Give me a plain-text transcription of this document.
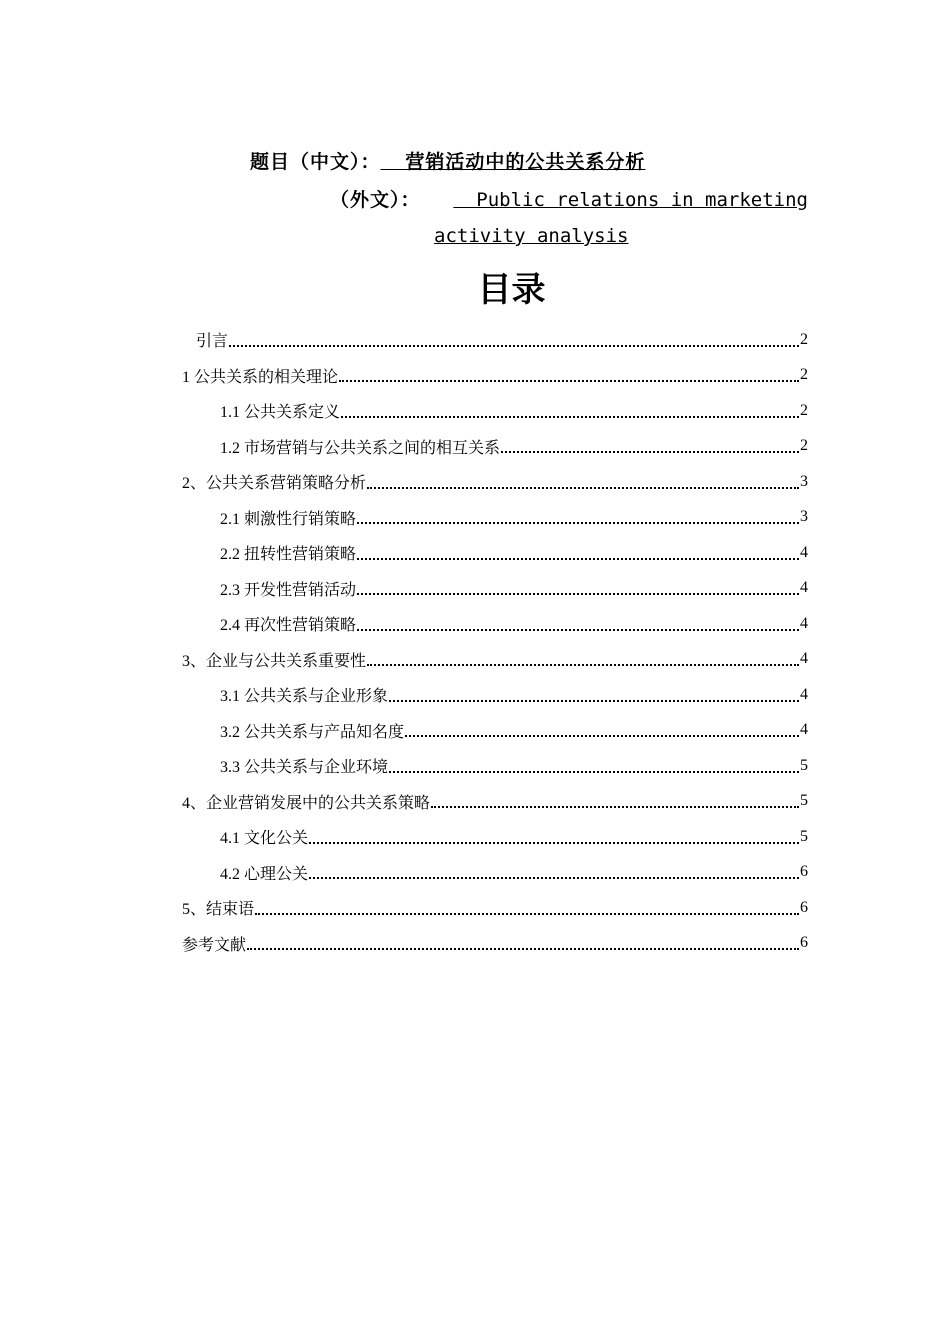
题目（中文）：  营销活动中的公共关系分析
（外文）：	Public relations in marketing
activity analysis
目录
引言	2
1 公共关系的相关理论	2
1.1 公共关系定义	2
1.2 市场营销与公共关系之间的相互关系	2
2、公共关系营销策略分析	3
2.1 刺激性行销策略	3
2.2 扭转性营销策略	4
2.3 开发性营销活动	4
2.4 再次性营销策略	4
3、企业与公共关系重要性	4
3.1 公共关系与企业形象	4
3.2 公共关系与产品知名度	4
3.3 公共关系与企业环境	5
4、企业营销发展中的公共关系策略	5
4.1 文化公关	5
4.2 心理公关	6
5、结束语	6
参考文献	6
